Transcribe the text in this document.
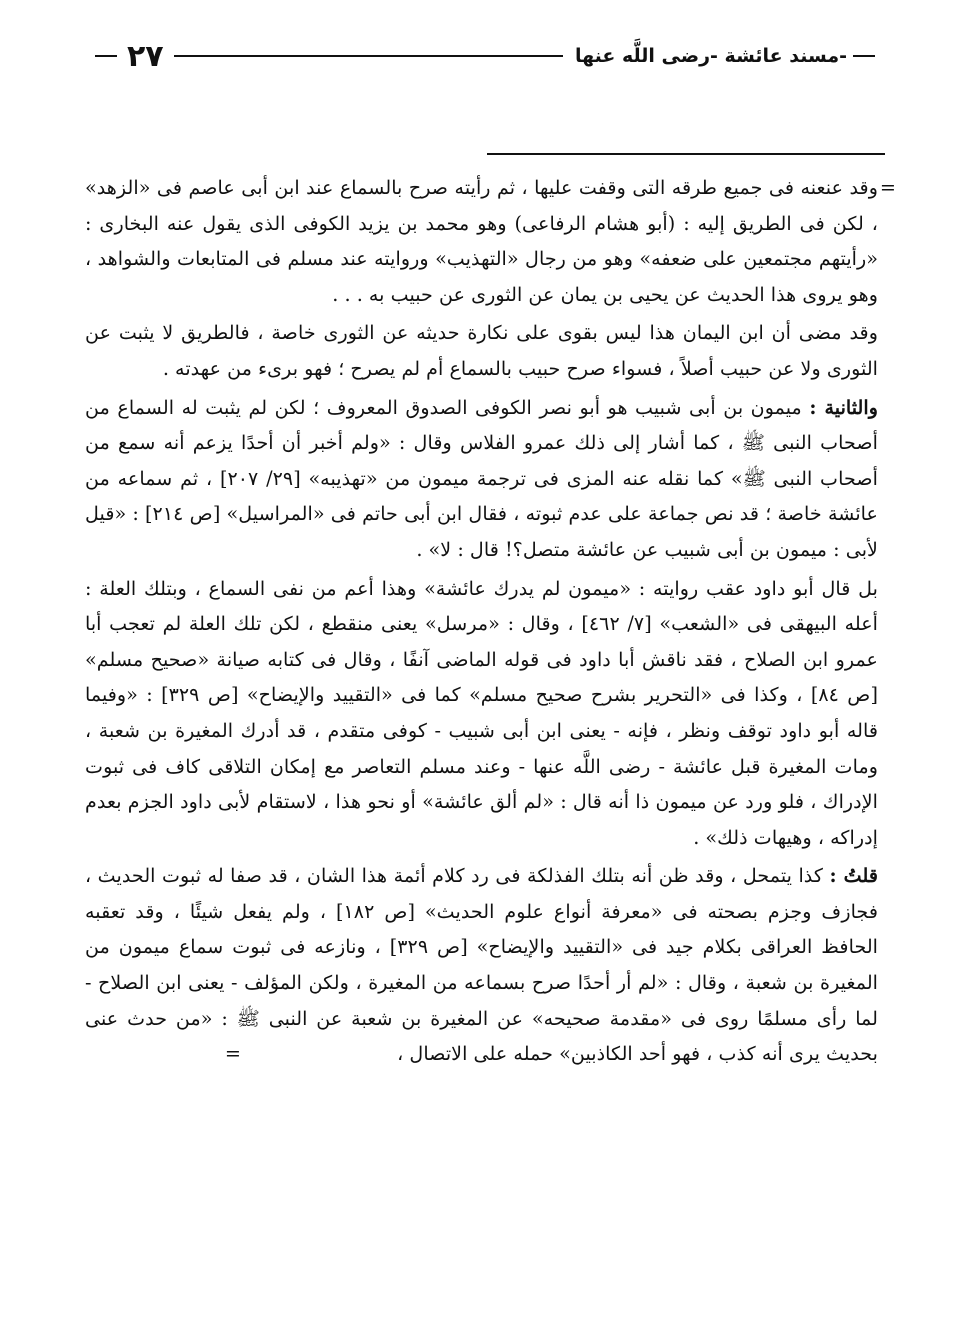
مسند عائشة -رضى اللَّه عنها-
٢٧

=
وقد عنعنه فى جميع طرقه التى وقفت عليها ، ثم رأيته صرح بالسماع عند ابن أبى عاصم فى «الزهد» ، لكن فى الطريق إليه : (أبو هشام الرفاعى) وهو محمد بن يزيد الكوفى الذى يقول عنه البخارى : «رأيتهم مجتمعين على ضعفه» وهو من رجال «التهذيب» وروايته عند مسلم فى المتابعات والشواهد ، وهو يروى هذا الحديث عن يحيى بن يمان عن الثورى عن حبيب به . . .

وقد مضى أن ابن اليمان هذا ليس بقوى على نكارة حديثه عن الثورى خاصة ، فالطريق لا يثبت عن الثورى ولا عن حبيب أصلاً ، فسواء صرح حبيب بالسماع أم لم يصرح ؛ فهو برىء من عهدته .

والثانية : ميمون بن أبى شبيب هو أبو نصر الكوفى الصدوق المعروف ؛ لكن لم يثبت له السماع من أصحاب النبى ﷺ ، كما أشار إلى ذلك عمرو الفلاس وقال : «ولم أخبر أن أحدًا يزعم أنه سمع من أصحاب النبى ﷺ» كما نقله عنه المزى فى ترجمة ميمون من «تهذيبه» [٢٩/ ٢٠٧] ، ثم سماعه من عائشة خاصة ؛ قد نص جماعة على عدم ثبوته ، فقال ابن أبى حاتم فى «المراسيل» [ص ٢١٤] : «قيل لأبى : ميمون بن أبى شبيب عن عائشة متصل؟! قال : لا» .

بل قال أبو داود عقب روايته : «ميمون لم يدرك عائشة» وهذا أعم من نفى السماع ، وبتلك العلة : أعله البيهقى فى «الشعب» [٧/ ٤٦٢] ، وقال : «مرسل» يعنى منقطع ، لكن تلك العلة لم تعجب أبا عمرو ابن الصلاح ، فقد ناقش أبا داود فى قوله الماضى آنفًا ، وقال فى كتابه صيانة «صحيح مسلم» [ص ٨٤] ، وكذا فى «التحرير بشرح صحيح مسلم» كما فى «التقييد والإيضاح» [ص ٣٢٩] : «وفيما قاله أبو داود توقف ونظر ، فإنه - يعنى ابن أبى شبيب - كوفى متقدم ، قد أدرك المغيرة بن شعبة ، ومات المغيرة قبل عائشة - رضى اللَّه عنها - وعند مسلم التعاصر مع إمكان التلاقى كاف فى ثبوت الإدراك ، فلو ورد عن ميمون ذا أنه قال : «لم ألق عائشة» أو نحو هذا ، لاستقام لأبى داود الجزم بعدم إدراكه ، وهيهات ذلك» .

قلتُ : كذا يتمحل ، وقد ظن أنه بتلك الفذلكة فى رد كلام أئمة هذا الشان ، قد صفا له ثبوت الحديث ، فجازف وجزم بصحته فى «معرفة أنواع علوم الحديث» [ص ١٨٢] ، ولم يفعل شيئًا ، وقد تعقبه الحافظ العراقى بكلام جيد فى «التقييد والإيضاح» [ص ٣٢٩] ، ونازعه فى ثبوت سماع ميمون من المغيرة بن شعبة ، وقال : «لم أر أحدًا صرح بسماعه من المغيرة ، ولكن المؤلف - يعنى ابن الصلاح - لما رأى مسلمًا روى فى «مقدمة صحيحه» عن المغيرة بن شعبة عن النبى ﷺ : «من حدث عنى بحديث يرى أنه كذب ، فهو أحد الكاذبين» حمله على الاتصال ، =
